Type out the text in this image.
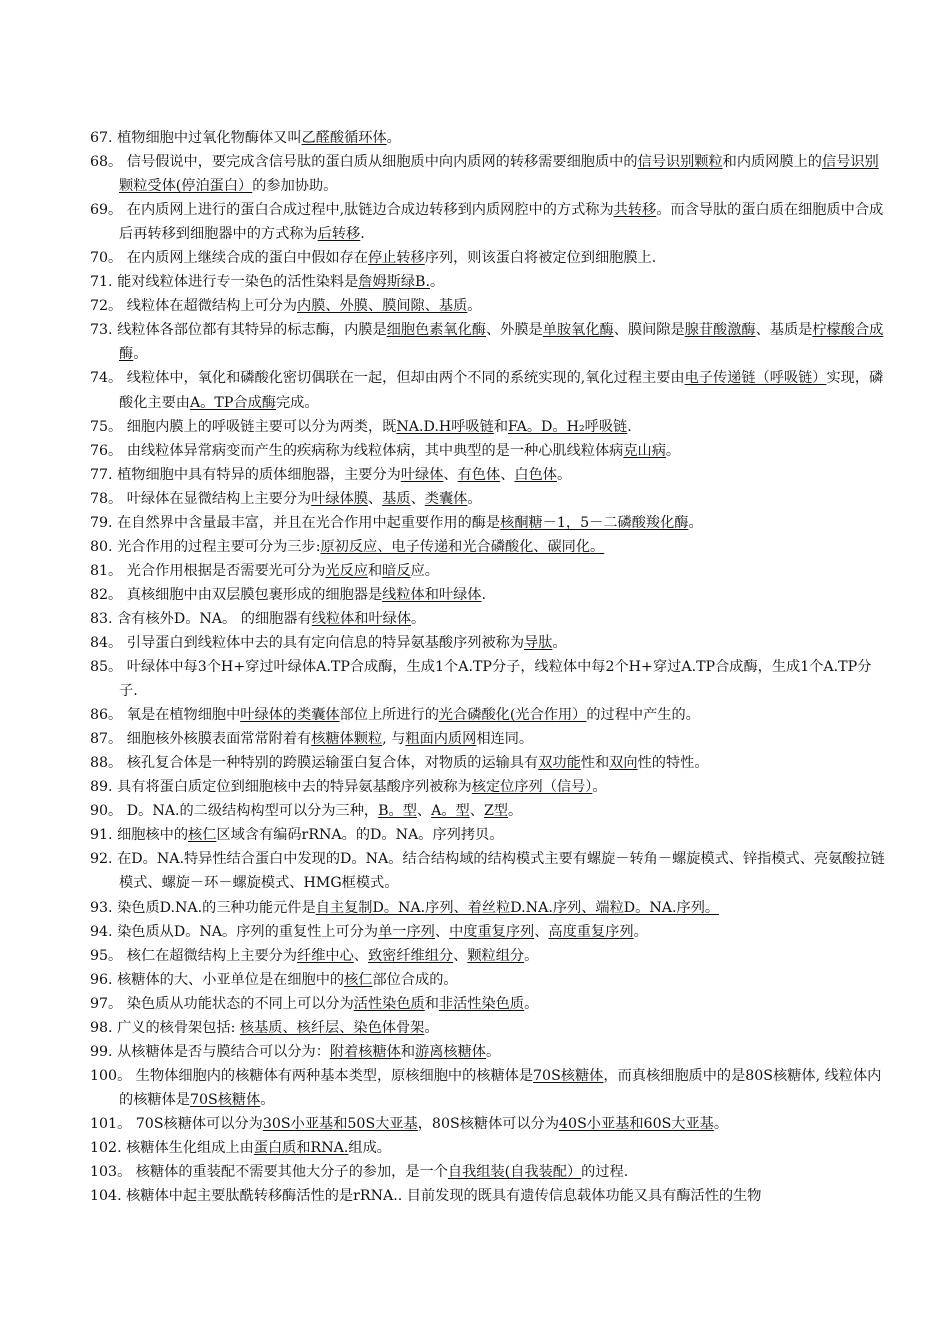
67. 植物细胞中过氧化物酶体又叫乙醛酸循环体。
68。 信号假说中，要完成含信号肽的蛋白质从细胞质中向内质网的转移需要细胞质中的信号识别颗粒和内质网膜上的信号识别颗粒受体(停泊蛋白）的参加协助。
69。 在内质网上进行的蛋白合成过程中,肽链边合成边转移到内质网腔中的方式称为共转移。而含导肽的蛋白质在细胞质中合成后再转移到细胞器中的方式称为后转移.
70。 在内质网上继续合成的蛋白中假如存在停止转移序列，则该蛋白将被定位到细胞膜上.
71. 能对线粒体进行专一染色的活性染料是詹姆斯绿B.。
72。 线粒体在超微结构上可分为内膜、外膜、膜间隙、基质。
73. 线粒体各部位都有其特异的标志酶，内膜是细胞色素氧化酶、外膜是单胺氧化酶、膜间隙是腺苷酸激酶、基质是柠檬酸合成酶。
74。 线粒体中，氧化和磷酸化密切偶联在一起，但却由两个不同的系统实现的,氧化过程主要由电子传递链（呼吸链）实现，磷酸化主要由A。TP合成酶完成。
75。 细胞内膜上的呼吸链主要可以分为两类，既NA.D.H呼吸链和FA。D。H₂呼吸链.
76。 由线粒体异常病变而产生的疾病称为线粒体病，其中典型的是一种心肌线粒体病克山病。
77. 植物细胞中具有特异的质体细胞器，主要分为叶绿体、有色体、白色体。
78。 叶绿体在显微结构上主要分为叶绿体膜、基质、类囊体。
79. 在自然界中含量最丰富，并且在光合作用中起重要作用的酶是核酮糖－1，5－二磷酸羧化酶。
80. 光合作用的过程主要可分为三步:原初反应、电子传递和光合磷酸化、碳同化。
81。 光合作用根据是否需要光可分为光反应和暗反应。
82。 真核细胞中由双层膜包裹形成的细胞器是线粒体和叶绿体.
83. 含有核外D。NA。 的细胞器有线粒体和叶绿体。
84。 引导蛋白到线粒体中去的具有定向信息的特异氨基酸序列被称为导肽。
85。 叶绿体中每3个H+穿过叶绿体A.TP合成酶，生成1个A.TP分子，线粒体中每2个H+穿过A.TP合成酶，生成1个A.TP分子.
86。 氧是在植物细胞中叶绿体的类囊体部位上所进行的光合磷酸化(光合作用）的过程中产生的。
87。 细胞核外核膜表面常常附着有核糖体颗粒, 与粗面内质网相连同。
88。 核孔复合体是一种特别的跨膜运输蛋白复合体，对物质的运输具有双功能性和双向性的特性。
89. 具有将蛋白质定位到细胞核中去的特异氨基酸序列被称为核定位序列（信号）。
90。 D。NA.的二级结构构型可以分为三种，B。型、A。型、Z型。
91. 细胞核中的核仁区域含有编码rRNA。的D。NA。序列拷贝。
92. 在D。NA.特异性结合蛋白中发现的D。NA。结合结构域的结构模式主要有螺旋－转角－螺旋模式、锌指模式、亮氨酸拉链模式、螺旋－环－螺旋模式、HMG框模式。
93. 染色质D.NA.的三种功能元件是自主复制D。NA.序列、着丝粒D.NA.序列、端粒D。NA.序列。
94. 染色质从D。NA。序列的重复性上可分为单一序列、中度重复序列、高度重复序列。
95。 核仁在超微结构上主要分为纤维中心、致密纤维组分、颗粒组分。
96. 核糖体的大、小亚单位是在细胞中的核仁部位合成的。
97。 染色质从功能状态的不同上可以分为活性染色质和非活性染色质。
98. 广义的核骨架包括: 核基质、核纤层、染色体骨架。
99. 从核糖体是否与膜结合可以分为：附着核糖体和游离核糖体。
100。 生物体细胞内的核糖体有两种基本类型，原核细胞中的核糖体是70S核糖体，而真核细胞质中的是80S核糖体, 线粒体内的核糖体是70S核糖体。
101。 70S核糖体可以分为30S小亚基和50S大亚基，80S核糖体可以分为40S小亚基和60S大亚基。
102. 核糖体生化组成上由蛋白质和RNA.组成。
103。 核糖体的重装配不需要其他大分子的参加，是一个自我组装(自我装配）的过程.
104. 核糖体中起主要肽酰转移酶活性的是rRNA.. 目前发现的既具有遗传信息载体功能又具有酶活性的生物
